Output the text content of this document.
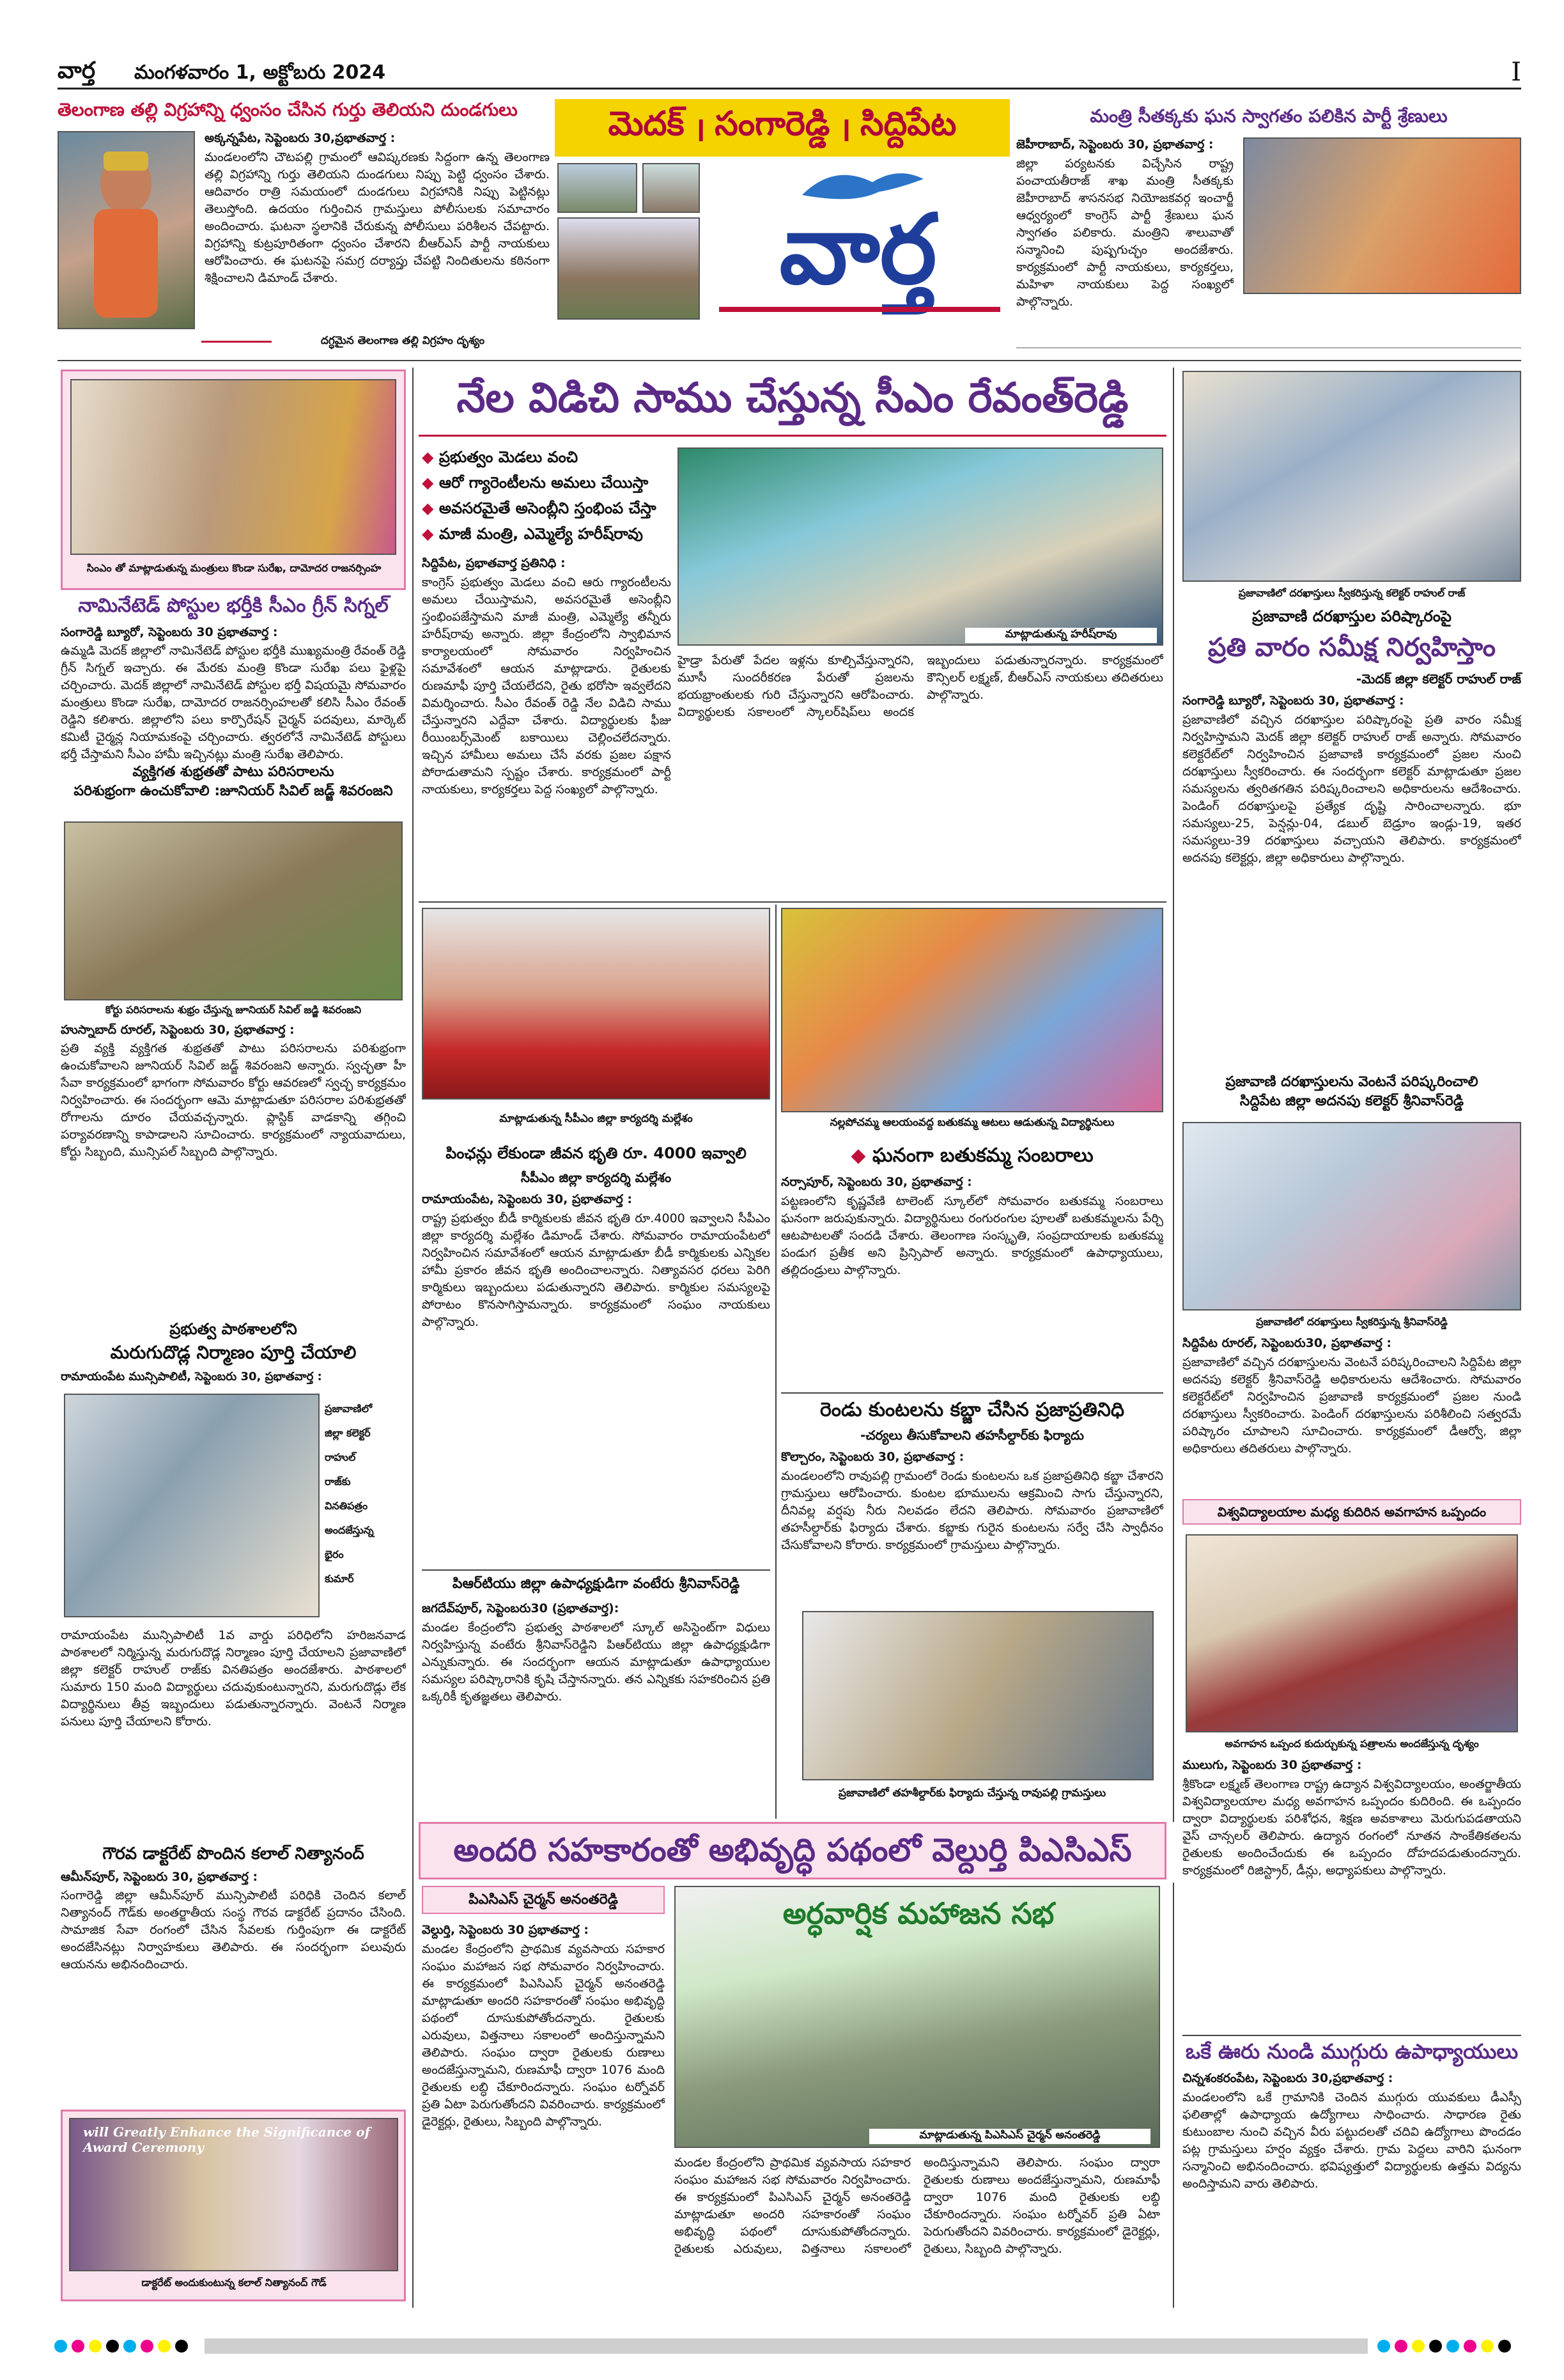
వార్త మంగళవారం 1, అక్టోబరు 2024	I
తెలంగాణ తల్లి విగ్రహాన్ని ధ్వంసం చేసిన గుర్తు తెలియని దుండగులు
అక్కన్నపేట, సెప్టెంబరు 30,ప్రభాతవార్త :
మండలంలోని చౌటపల్లి గ్రామంలో ఆవిష్కరణకు సిద్దంగా ఉన్న తెలంగాణ తల్లి విగ్రహాన్ని గుర్తు తెలియని దుండగులు నిప్పు పెట్టి ధ్వంసం చేశారు. ఆదివారం రాత్రి సమయంలో దుండగులు విగ్రహానికి నిప్పు పెట్టినట్లు తెలుస్తోంది. ఉదయం గుర్తించిన గ్రామస్తులు పోలీసులకు సమాచారం అందించారు. ఘటనా స్థలానికి చేరుకున్న పోలీసులు పరిశీలన చేపట్టారు. విగ్రహాన్ని కుట్రపూరితంగా ధ్వంసం చేశారని బీఆర్ఎస్ పార్టీ నాయకులు ఆరోపించారు. ఈ ఘటనపై సమగ్ర దర్యాప్తు చేపట్టి నిందితులను కఠినంగా శిక్షించాలని డిమాండ్ చేశారు.
దగ్ధమైన తెలంగాణ తల్లి విగ్రహం దృశ్యం
మెదక్ । సంగారెడ్డి । సిద్దిపేట
వార్త
మంత్రి సీతక్కకు ఘన స్వాగతం పలికిన పార్టీ శ్రేణులు
జెహీరాబాద్, సెప్టెంబరు 30, ప్రభాతవార్త :
జిల్లా పర్యటనకు విచ్చేసిన రాష్ట్ర పంచాయతీరాజ్ శాఖ మంత్రి సీతక్కకు జెహీరాబాద్ శాసనసభ నియోజకవర్గ ఇంచార్జీ ఆధ్వర్యంలో కాంగ్రెస్ పార్టీ శ్రేణులు ఘన స్వాగతం పలికారు. మంత్రిని శాలువాతో సన్మానించి పుష్పగుచ్ఛం అందజేశారు. కార్యక్రమంలో పార్టీ నాయకులు, కార్యకర్తలు, మహిళా నాయకులు పెద్ద సంఖ్యలో పాల్గొన్నారు.
సింఎం తో మాట్లాడుతున్న మంత్రులు కొండా సురేఖ, దామోదర రాజనర్సింహ
నామినేటెడ్ పోస్టుల భర్తీకి సీఎం గ్రీన్ సిగ్నల్
సంగారెడ్డి బ్యూరో, సెప్టెంబరు 30 ప్రభాతవార్త :
ఉమ్మడి మెదక్ జిల్లాలో నామినేటెడ్ పోస్టుల భర్తీకి ముఖ్యమంత్రి రేవంత్ రెడ్డి గ్రీన్ సిగ్నల్ ఇచ్చారు. ఈ మేరకు మంత్రి కొండా సురేఖ పలు ఫైళ్లపై చర్చించారు. మెదక్ జిల్లాలో నామినేటెడ్ పోస్టుల భర్తీ విషయమై సోమవారం మంత్రులు కొండా సురేఖ, దామోదర రాజనర్సింహలతో కలిసి సీఎం రేవంత్ రెడ్డిని కలిశారు. జిల్లాలోని పలు కార్పొరేషన్ చైర్మన్ పదవులు, మార్కెట్ కమిటీ చైర్మన్ల నియామకంపై చర్చించారు. త్వరలోనే నామినేటెడ్ పోస్టులు భర్తీ చేస్తామని సీఎం హామీ ఇచ్చినట్లు మంత్రి సురేఖ తెలిపారు.
వ్యక్తిగత శుభ్రతతో పాటు పరిసరాలను
పరిశుభ్రంగా ఉంచుకోవాలి :జూనియర్ సివిల్ జడ్జ్ శివరంజని
కోర్టు పరిసరాలను శుభ్రం చేస్తున్న జూనియర్ సివిల్ జడ్జి శివరంజని
హుస్నాబాద్ రూరల్, సెప్టెంబరు 30, ప్రభాతవార్త :
ప్రతి వ్యక్తి వ్యక్తిగత శుభ్రతతో పాటు పరిసరాలను పరిశుభ్రంగా ఉంచుకోవాలని జూనియర్ సివిల్ జడ్జ్ శివరంజని అన్నారు. స్వచ్ఛతా హీ సేవా కార్యక్రమంలో భాగంగా సోమవారం కోర్టు ఆవరణలో స్వచ్ఛ కార్యక్రమం నిర్వహించారు. ఈ సందర్భంగా ఆమె మాట్లాడుతూ పరిసరాల పరిశుభ్రతతో రోగాలను దూరం చేయవచ్చన్నారు. ప్లాస్టిక్ వాడకాన్ని తగ్గించి పర్యావరణాన్ని కాపాడాలని సూచించారు. కార్యక్రమంలో న్యాయవాదులు, కోర్టు సిబ్బంది, మున్సిపల్ సిబ్బంది పాల్గొన్నారు.
ప్రభుత్వ పాఠశాలలోని
మరుగుదొడ్ల నిర్మాణం పూర్తి చేయాలి
రామాయంపేట మున్సిపాలిటీ, సెప్టెంబరు 30, ప్రభాతవార్త :
ప్రజావాణిలో
జిల్లా కలెక్టర్
రాహుల్
రాజ్‌కు
వినతిపత్రం
అందజేస్తున్న
భైరం
కుమార్
రామాయంపేట మున్సిపాలిటీ 1వ వార్డు పరిధిలోని హరిజనవాడ పాఠశాలలో నిర్మిస్తున్న మరుగుదొడ్ల నిర్మాణం పూర్తి చేయాలని ప్రజావాణిలో జిల్లా కలెక్టర్ రాహుల్ రాజ్‌కు వినతిపత్రం అందజేశారు. పాఠశాలలో సుమారు 150 మంది విద్యార్థులు చదువుకుంటున్నారని, మరుగుదొడ్లు లేక విద్యార్థినులు తీవ్ర ఇబ్బందులు పడుతున్నారన్నారు. వెంటనే నిర్మాణ పనులు పూర్తి చేయాలని కోరారు.
గౌరవ డాక్టరేట్ పొందిన కలాల్ నిత్యానంద్
ఆమీన్‌పూర్, సెప్టెంబరు 30, ప్రభాతవార్త :
సంగారెడ్డి జిల్లా ఆమీన్‌పూర్ మున్సిపాలిటీ పరిధికి చెందిన కలాల్ నిత్యానంద్ గౌడ్‌కు అంతర్జాతీయ సంస్థ గౌరవ డాక్టరేట్ ప్రదానం చేసింది. సామాజిక సేవా రంగంలో చేసిన సేవలకు గుర్తింపుగా ఈ డాక్టరేట్ అందజేసినట్లు నిర్వాహకులు తెలిపారు. ఈ సందర్భంగా పలువురు ఆయనను అభినందించారు.
will Greatly Enhance the Significance of Award Ceremony
డాక్టరేట్ అందుకుంటున్న కలాల్ నిత్యానంద్ గౌడ్
నేల విడిచి సాము చేస్తున్న సీఎం రేవంత్‌రెడ్డి
◆ ప్రభుత్వం మెడలు వంచి
◆ ఆరో గ్యారెంటీలను అమలు చేయిస్తా
◆ అవసరమైతే అసెంబ్లీని స్తంభింప చేస్తా
◆ మాజీ మంత్రి, ఎమ్మెల్యే హరీష్‌రావు
మాట్లాడుతున్న హరీష్‌రావు
సిద్దిపేట, ప్రభాతవార్త ప్రతినిధి :
కాంగ్రెస్ ప్రభుత్వం మెడలు వంచి ఆరు గ్యారంటీలను అమలు చేయిస్తామని, అవసరమైతే అసెంబ్లీని స్తంభింపజేస్తామని మాజీ మంత్రి, ఎమ్మెల్యే తన్నీరు హరీష్‌రావు అన్నారు. జిల్లా కేంద్రంలోని స్వాభిమాన కార్యాలయంలో సోమవారం నిర్వహించిన సమావేశంలో ఆయన మాట్లాడారు. రైతులకు రుణమాఫీ పూర్తి చేయలేదని, రైతు భరోసా ఇవ్వలేదని విమర్శించారు. సీఎం రేవంత్ రెడ్డి నేల విడిచి సాము చేస్తున్నారని ఎద్దేవా చేశారు. విద్యార్థులకు ఫీజు రీయింబర్స్‌మెంట్ బకాయిలు చెల్లించలేదన్నారు. ఇచ్చిన హామీలు అమలు చేసే వరకు ప్రజల పక్షాన పోరాడుతామని స్పష్టం చేశారు. కార్యక్రమంలో పార్టీ నాయకులు, కార్యకర్తలు పెద్ద సంఖ్యలో పాల్గొన్నారు.
హైడ్రా పేరుతో పేదల ఇళ్లను కూల్చివేస్తున్నారని, మూసీ సుందరీకరణ పేరుతో ప్రజలను భయభ్రాంతులకు గురి చేస్తున్నారని ఆరోపించారు. విద్యార్థులకు సకాలంలో స్కాలర్‌షిప్‌లు అందక ఇబ్బందులు పడుతున్నారన్నారు. కార్యక్రమంలో కౌన్సిలర్ లక్ష్మణ్, బీఆర్ఎస్ నాయకులు తదితరులు పాల్గొన్నారు.
మాట్లాడుతున్న సీపీఎం జిల్లా కార్యదర్శి మల్లేశం
పింఛన్లు లేకుండా జీవన భృతి రూ. 4000 ఇవ్వాలి
సీపీఎం జిల్లా కార్యదర్శి మల్లేశం
రామాయంపేట, సెప్టెంబరు 30, ప్రభాతవార్త :
రాష్ట్ర ప్రభుత్వం బీడీ కార్మికులకు జీవన భృతి రూ.4000 ఇవ్వాలని సీపీఎం జిల్లా కార్యదర్శి మల్లేశం డిమాండ్ చేశారు. సోమవారం రామాయంపేటలో నిర్వహించిన సమావేశంలో ఆయన మాట్లాడుతూ బీడీ కార్మికులకు ఎన్నికల హామీ ప్రకారం జీవన భృతి అందించాలన్నారు. నిత్యావసర ధరలు పెరిగి కార్మికులు ఇబ్బందులు పడుతున్నారని తెలిపారు. కార్మికుల సమస్యలపై పోరాటం కొనసాగిస్తామన్నారు. కార్యక్రమంలో సంఘం నాయకులు పాల్గొన్నారు.
పిఆర్‌టియు జిల్లా ఉపాధ్యక్షుడిగా వంటేరు శ్రీనివాస్‌రెడ్డి
జగదేవ్‌పూర్, సెప్టెంబరు30 (ప్రభాతవార్త):
మండల కేంద్రంలోని ప్రభుత్వ పాఠశాలలో స్కూల్ అసిస్టెంట్‌గా విధులు నిర్వహిస్తున్న వంటేరు శ్రీనివాస్‌రెడ్డిని పిఆర్‌టియు జిల్లా ఉపాధ్యక్షుడిగా ఎన్నుకున్నారు. ఈ సందర్భంగా ఆయన మాట్లాడుతూ ఉపాధ్యాయుల సమస్యల పరిష్కారానికి కృషి చేస్తానన్నారు. తన ఎన్నికకు సహకరించిన ప్రతి ఒక్కరికీ కృతజ్ఞతలు తెలిపారు.
నల్లపోచమ్మ ఆలయంవద్ద బతుకమ్మ ఆటలు ఆడుతున్న విద్యార్థినులు
◆ ఘనంగా బతుకమ్మ సంబరాలు
నర్సాపూర్, సెప్టెంబరు 30, ప్రభాతవార్త :
పట్టణంలోని కృష్ణవేణి టాలెంట్ స్కూల్‌లో సోమవారం బతుకమ్మ సంబరాలు ఘనంగా జరుపుకున్నారు. విద్యార్థినులు రంగురంగుల పూలతో బతుకమ్మలను పేర్చి ఆటపాటలతో సందడి చేశారు. తెలంగాణ సంస్కృతి, సంప్రదాయాలకు బతుకమ్మ పండుగ ప్రతీక అని ప్రిన్సిపాల్ అన్నారు. కార్యక్రమంలో ఉపాధ్యాయులు, తల్లిదండ్రులు పాల్గొన్నారు.
రెండు కుంటలను కబ్జా చేసిన ప్రజాప్రతినిధి
-చర్యలు తీసుకోవాలని తహసీల్దార్‌కు ఫిర్యాదు
కొల్చారం, సెప్టెంబరు 30, ప్రభాతవార్త :
మండలంలోని రావుపల్లి గ్రామంలో రెండు కుంటలను ఒక ప్రజాప్రతినిధి కబ్జా చేశారని గ్రామస్తులు ఆరోపించారు. కుంటల భూములను ఆక్రమించి సాగు చేస్తున్నారని, దీనివల్ల వర్షపు నీరు నిలవడం లేదని తెలిపారు. సోమవారం ప్రజావాణిలో తహసీల్దార్‌కు ఫిర్యాదు చేశారు. కబ్జాకు గురైన కుంటలను సర్వే చేసి స్వాధీనం చేసుకోవాలని కోరారు. కార్యక్రమంలో గ్రామస్తులు పాల్గొన్నారు.
ప్రజావాణిలో తహశీల్దార్‌కు ఫిర్యాదు చేస్తున్న రావుపల్లి గ్రామస్తులు
అందరి సహకారంతో అభివృద్ధి పథంలో వెల్దుర్తి పిఎసిఎస్
పిఎసిఎస్ చైర్మన్ అనంతరెడ్డి
వెల్దుర్తి, సెప్టెంబరు 30 ప్రభాతవార్త :
మండల కేంద్రంలోని ప్రాథమిక వ్యవసాయ సహకార సంఘం మహాజన సభ సోమవారం నిర్వహించారు. ఈ కార్యక్రమంలో పిఎసిఎస్ చైర్మన్ అనంతరెడ్డి మాట్లాడుతూ అందరి సహకారంతో సంఘం అభివృద్ధి పథంలో దూసుకుపోతోందన్నారు. రైతులకు ఎరువులు, విత్తనాలు సకాలంలో అందిస్తున్నామని తెలిపారు. సంఘం ద్వారా రైతులకు రుణాలు అందజేస్తున్నామని, రుణమాఫీ ద్వారా 1076 మంది రైతులకు లబ్ధి చేకూరిందన్నారు. సంఘం టర్నోవర్ ప్రతి ఏటా పెరుగుతోందని వివరించారు. కార్యక్రమంలో డైరెక్టర్లు, రైతులు, సిబ్బంది పాల్గొన్నారు.
అర్ధవార్షిక మహాజన సభ
మాట్లాడుతున్న పిఎసిఎస్ చైర్మన్ అనంతరెడ్డి
మండల కేంద్రంలోని ప్రాథమిక వ్యవసాయ సహకార సంఘం మహాజన సభ సోమవారం నిర్వహించారు. ఈ కార్యక్రమంలో పిఎసిఎస్ చైర్మన్ అనంతరెడ్డి మాట్లాడుతూ అందరి సహకారంతో సంఘం అభివృద్ధి పథంలో దూసుకుపోతోందన్నారు. రైతులకు ఎరువులు, విత్తనాలు సకాలంలో అందిస్తున్నామని తెలిపారు. సంఘం ద్వారా రైతులకు రుణాలు అందజేస్తున్నామని, రుణమాఫీ ద్వారా 1076 మంది రైతులకు లబ్ధి చేకూరిందన్నారు. సంఘం టర్నోవర్ ప్రతి ఏటా పెరుగుతోందని వివరించారు. కార్యక్రమంలో డైరెక్టర్లు, రైతులు, సిబ్బంది పాల్గొన్నారు.
ప్రజావాణిలో దరఖాస్తులు స్వీకరిస్తున్న కలెక్టర్ రాహుల్ రాజ్
ప్రజావాణి దరఖాస్తుల పరిష్కారంపై
ప్రతి వారం సమీక్ష నిర్వహిస్తాం
-మెదక్ జిల్లా కలెక్టర్ రాహుల్ రాజ్
సంగారెడ్డి బ్యూరో, సెప్టెంబరు 30, ప్రభాతవార్త :
ప్రజావాణిలో వచ్చిన దరఖాస్తుల పరిష్కారంపై ప్రతి వారం సమీక్ష నిర్వహిస్తామని మెదక్ జిల్లా కలెక్టర్ రాహుల్ రాజ్ అన్నారు. సోమవారం కలెక్టరేట్‌లో నిర్వహించిన ప్రజావాణి కార్యక్రమంలో ప్రజల నుంచి దరఖాస్తులు స్వీకరించారు. ఈ సందర్భంగా కలెక్టర్ మాట్లాడుతూ ప్రజల సమస్యలను త్వరితగతిన పరిష్కరించాలని అధికారులను ఆదేశించారు. పెండింగ్ దరఖాస్తులపై ప్రత్యేక దృష్టి సారించాలన్నారు. భూ సమస్యలు-25, పెన్షన్లు-04, డబుల్ బెడ్రూం ఇండ్లు-19, ఇతర సమస్యలు-39 దరఖాస్తులు వచ్చాయని తెలిపారు. కార్యక్రమంలో అదనపు కలెక్టర్లు, జిల్లా అధికారులు పాల్గొన్నారు.
ప్రజావాణి దరఖాస్తులను వెంటనే పరిష్కరించాలి
సిద్దిపేట జిల్లా అదనపు కలెక్టర్ శ్రీనివాస్‌రెడ్డి
ప్రజావాణిలో దరఖాస్తులు స్వీకరిస్తున్న శ్రీనివాస్‌రెడ్డి
సిద్దిపేట రూరల్, సెప్టెంబరు30, ప్రభాతవార్త :
ప్రజావాణిలో వచ్చిన దరఖాస్తులను వెంటనే పరిష్కరించాలని సిద్దిపేట జిల్లా అదనపు కలెక్టర్ శ్రీనివాస్‌రెడ్డి అధికారులను ఆదేశించారు. సోమవారం కలెక్టరేట్‌లో నిర్వహించిన ప్రజావాణి కార్యక్రమంలో ప్రజల నుండి దరఖాస్తులు స్వీకరించారు. పెండింగ్ దరఖాస్తులను పరిశీలించి సత్వరమే పరిష్కారం చూపాలని సూచించారు. కార్యక్రమంలో డీఆర్వో, జిల్లా అధికారులు తదితరులు పాల్గొన్నారు.
విశ్వవిద్యాలయాల మధ్య కుదిరిన అవగాహన ఒప్పందం
అవగాహన ఒప్పంద కుదుర్చుకున్న పత్రాలను అందజేస్తున్న దృశ్యం
ములుగు, సెప్టెంబరు 30 ప్రభాతవార్త :
శ్రీకొండా లక్ష్మణ్ తెలంగాణ రాష్ట్ర ఉద్యాన విశ్వవిద్యాలయం, అంతర్జాతీయ విశ్వవిద్యాలయాల మధ్య అవగాహన ఒప్పందం కుదిరింది. ఈ ఒప్పందం ద్వారా విద్యార్థులకు పరిశోధన, శిక్షణ అవకాశాలు మెరుగుపడతాయని వైస్ చాన్సలర్ తెలిపారు. ఉద్యాన రంగంలో నూతన సాంకేతికతలను రైతులకు అందించేందుకు ఈ ఒప్పందం దోహదపడుతుందన్నారు. కార్యక్రమంలో రిజిస్ట్రార్, డీన్లు, అధ్యాపకులు పాల్గొన్నారు.
ఒకే ఊరు నుండి ముగ్గురు ఉపాధ్యాయులు
చిన్నశంకరంపేట, సెప్టెంబరు 30,ప్రభాతవార్త :
మండలంలోని ఒకే గ్రామానికి చెందిన ముగ్గురు యువకులు డీఎస్సీ ఫలితాల్లో ఉపాధ్యాయ ఉద్యోగాలు సాధించారు. సాధారణ రైతు కుటుంబాల నుంచి వచ్చిన వీరు పట్టుదలతో చదివి ఉద్యోగాలు పొందడం పట్ల గ్రామస్తులు హర్షం వ్యక్తం చేశారు. గ్రామ పెద్దలు వారిని ఘనంగా సన్మానించి అభినందించారు. భవిష్యత్తులో విద్యార్థులకు ఉత్తమ విద్యను అందిస్తామని వారు తెలిపారు.
